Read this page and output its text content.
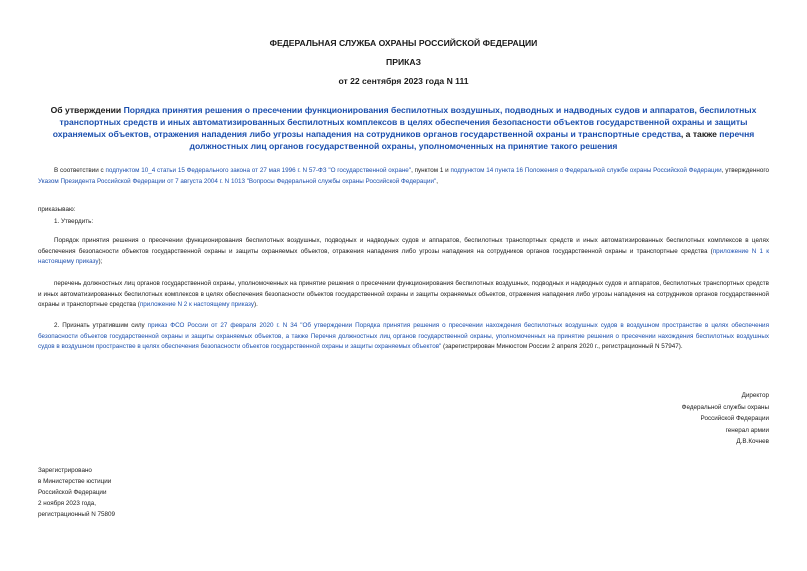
ФЕДЕРАЛЬНАЯ СЛУЖБА ОХРАНЫ РОССИЙСКОЙ ФЕДЕРАЦИИ

ПРИКАЗ

от 22 сентября 2023 года N 111

Об утверждении Порядка принятия решения о пресечении функционирования беспилотных воздушных, подводных и надводных судов и аппаратов, беспилотных транспортных средств и иных автоматизированных беспилотных комплексов в целях обеспечения безопасности объектов государственной охраны и защиты охраняемых объектов, отражения нападения либо угрозы нападения на сотрудников органов государственной охраны и транспортные средства, а также перечня должностных лиц органов государственной охраны, уполномоченных на принятие такого решения

В соответствии с подпунктом 10_4 статьи 15 Федерального закона от 27 мая 1996 г. N 57-ФЗ "О государственной охране", пунктом 1 и подпунктом 14 пункта 16 Положения о Федеральной службе охраны Российской Федерации, утвержденного Указом Президента Российской Федерации от 7 августа 2004 г. N 1013 "Вопросы Федеральной службы охраны Российской Федерации",

приказываю:

1. Утвердить:

Порядок принятия решения о пресечении функционирования беспилотных воздушных, подводных и надводных судов и аппаратов, беспилотных транспортных средств и иных автоматизированных беспилотных комплексов в целях обеспечения безопасности объектов государственной охраны и защиты охраняемых объектов, отражения нападения либо угрозы нападения на сотрудников органов государственной охраны и транспортные средства (приложение N 1 к настоящему приказу);

перечень должностных лиц органов государственной охраны, уполномоченных на принятие решения о пресечении функционирования беспилотных воздушных, подводных и надводных судов и аппаратов, беспилотных транспортных средств и иных автоматизированных беспилотных комплексов в целях обеспечения безопасности объектов государственной охраны и защиты охраняемых объектов, отражения нападения либо угрозы нападения на сотрудников органов государственной охраны и транспортные средства (приложение N 2 к настоящему приказу).

2. Признать утратившим силу приказ ФСО России от 27 февраля 2020 г. N 34 "Об утверждении Порядка принятия решения о пресечении нахождения беспилотных воздушных судов в воздушном пространстве в целях обеспечения безопасности объектов государственной охраны и защиты охраняемых объектов, а также Перечня должностных лиц органов государственной охраны, уполномоченных на принятие решения о пресечении нахождения беспилотных воздушных судов в воздушном пространстве в целях обеспечения безопасности объектов государственной охраны и защиты охраняемых объектов" (зарегистрирован Минюстом России 2 апреля 2020 г., регистрационный N 57947).

Директор
Федеральной службы охраны
Российской Федерации
генерал армии
Д.В.Кочнев
Зарегистрировано
в Министерстве юстиции
Российской Федерации
2 ноября 2023 года,
регистрационный N 75809
